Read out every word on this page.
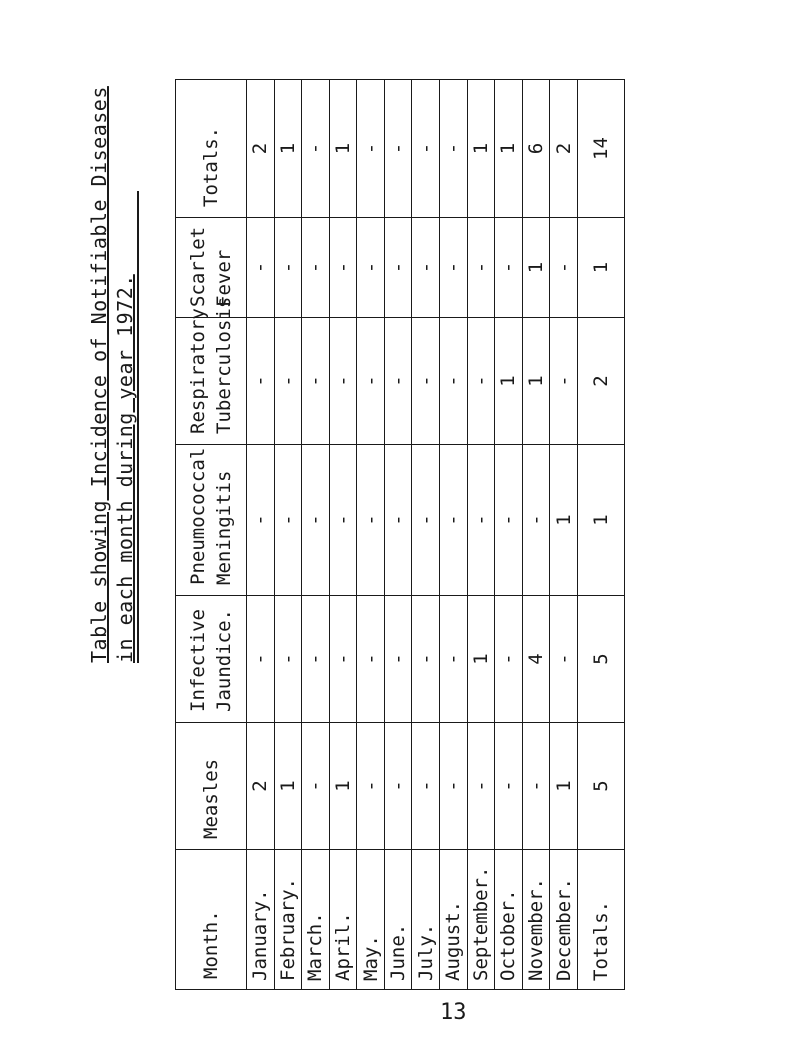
Table showing Incidence of Notifiable Diseases in each month during year 1972.
Month.	Measles	Infective Jaundice.	Pneumococcal Meningitis	Respiratory Tuberculosis	Scarlet Fever	Totals.

January.	2	-	-	-	-	2
February.	1	-	-	-	-	1
March.	-	-	-	-	-	-
April.	1	-	-	-	-	1
May.	-	-	-	-	-	-
June.	-	-	-	-	-	-
July.	-	-	-	-	-	-
August.	-	-	-	-	-	-
September.	-	1	-	-	-	1
October.	-	-	-	1	-	1
November.	-	4	-	1	1	6
December.	1	-	1	-	-	2
Totals.	5	5	1	2	1	14
13
